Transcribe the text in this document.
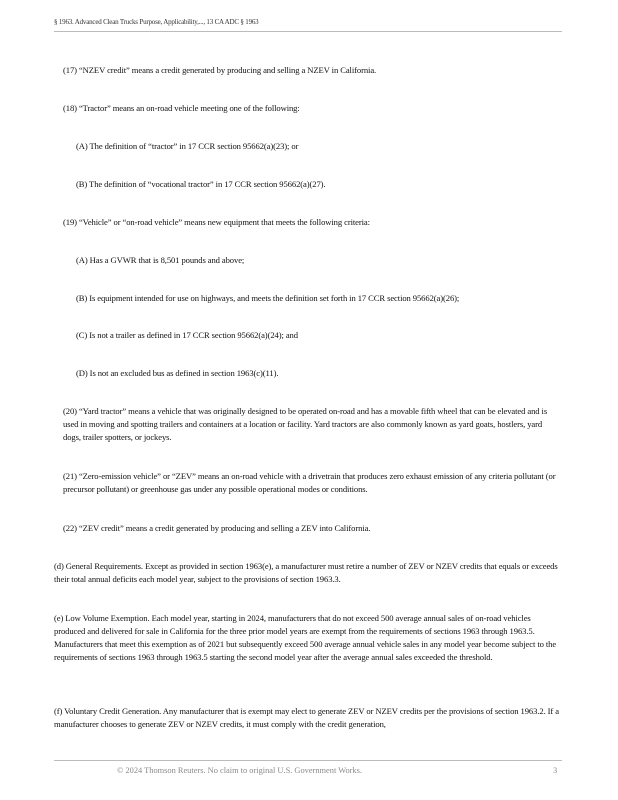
§ 1963. Advanced Clean Trucks Purpose, Applicability,..., 13 CA ADC § 1963

(17) “NZEV credit” means a credit generated by producing and selling a NZEV in California.

(18) “Tractor” means an on-road vehicle meeting one of the following:

(A) The definition of “tractor” in 17 CCR section 95662(a)(23); or

(B) The definition of “vocational tractor” in 17 CCR section 95662(a)(27).

(19) “Vehicle” or “on-road vehicle” means new equipment that meets the following criteria:

(A) Has a GVWR that is 8,501 pounds and above;

(B) Is equipment intended for use on highways, and meets the definition set forth in 17 CCR section 95662(a)(26);

(C) Is not a trailer as defined in 17 CCR section 95662(a)(24); and

(D) Is not an excluded bus as defined in section 1963(c)(11).

(20) “Yard tractor” means a vehicle that was originally designed to be operated on-road and has a movable fifth wheel that can be elevated and is used in moving and spotting trailers and containers at a location or facility. Yard tractors are also commonly known as yard goats, hostlers, yard dogs, trailer spotters, or jockeys.

(21) “Zero-emission vehicle” or “ZEV” means an on-road vehicle with a drivetrain that produces zero exhaust emission of any criteria pollutant (or precursor pollutant) or greenhouse gas under any possible operational modes or conditions.

(22) “ZEV credit” means a credit generated by producing and selling a ZEV into California.

(d) General Requirements. Except as provided in section 1963(e), a manufacturer must retire a number of ZEV or NZEV credits that equals or exceeds their total annual deficits each model year, subject to the provisions of section 1963.3.

(e) Low Volume Exemption. Each model year, starting in 2024, manufacturers that do not exceed 500 average annual sales of on-road vehicles produced and delivered for sale in California for the three prior model years are exempt from the requirements of sections 1963 through 1963.5. Manufacturers that meet this exemption as of 2021 but subsequently exceed 500 average annual vehicle sales in any model year become subject to the requirements of sections 1963 through 1963.5 starting the second model year after the average annual sales exceeded the threshold.

(f) Voluntary Credit Generation. Any manufacturer that is exempt may elect to generate ZEV or NZEV credits per the provisions of section 1963.2. If a manufacturer chooses to generate ZEV or NZEV credits, it must comply with the credit generation,

© 2024 Thomson Reuters. No claim to original U.S. Government Works.	3
